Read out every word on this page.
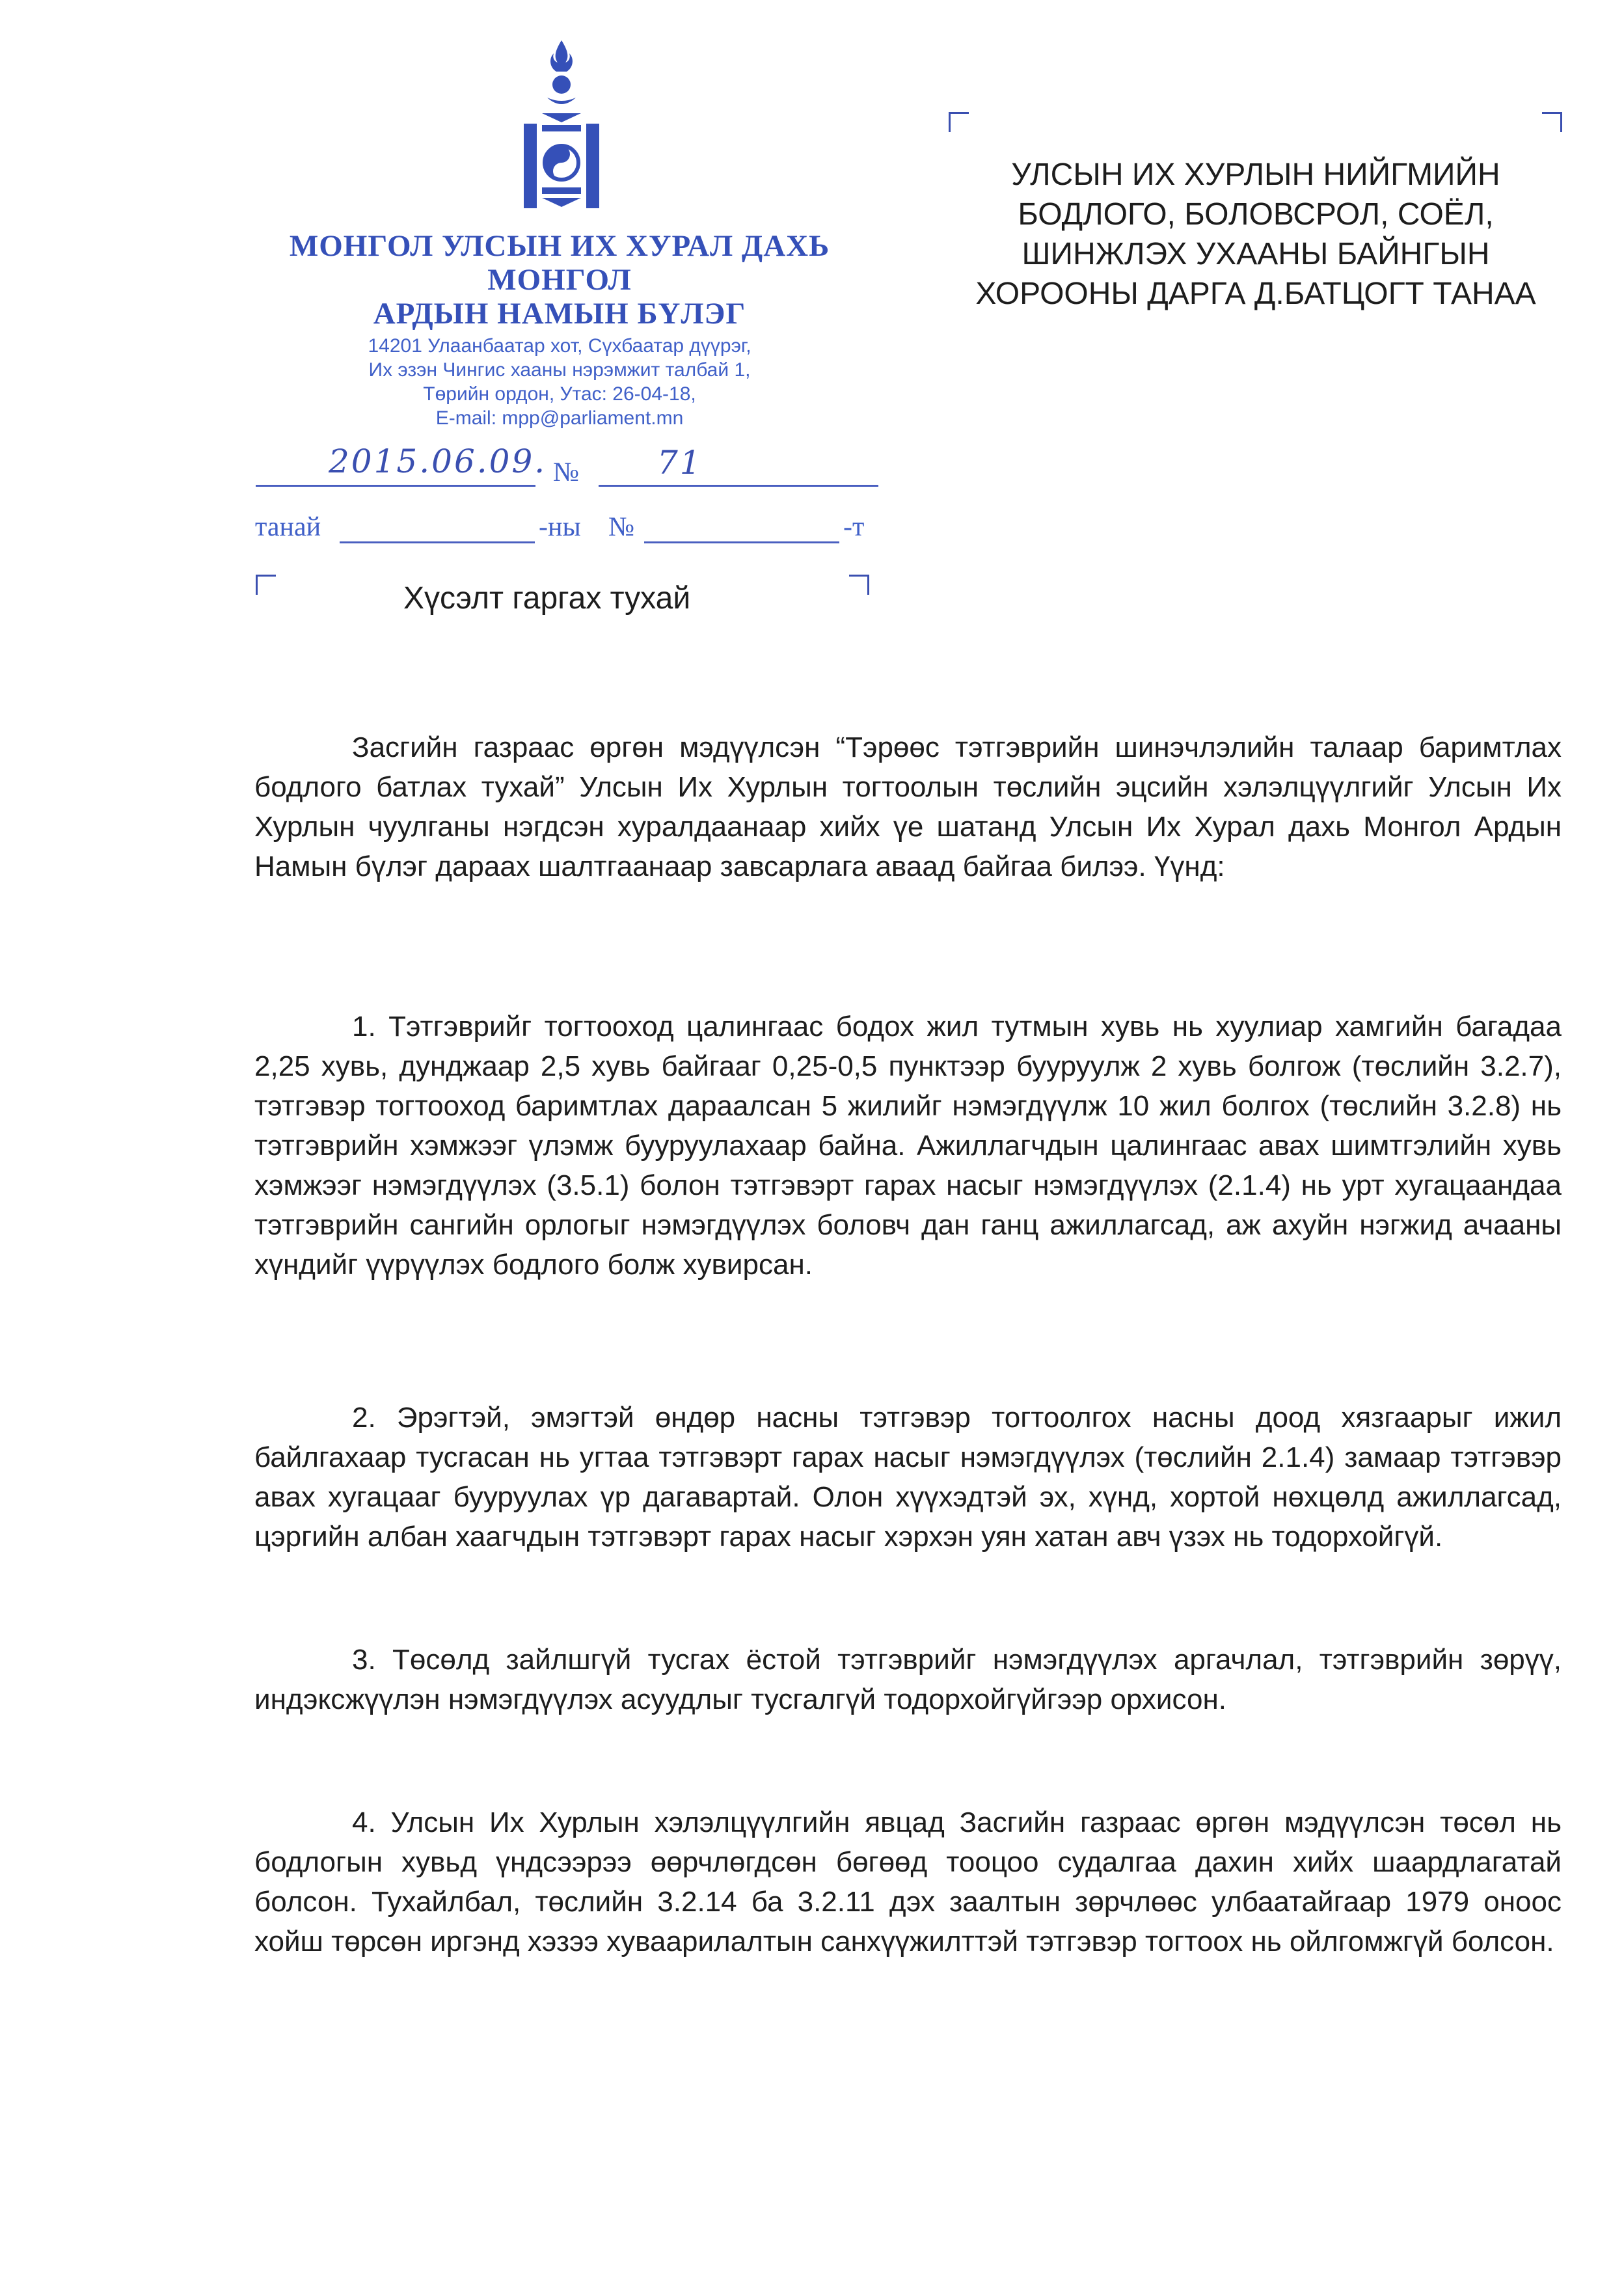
МОНГОЛ УЛСЫН ИХ ХУРАЛ ДАХЬ
МОНГОЛ
АРДЫН НАМЫН БҮЛЭГ
14201 Улаанбаатар хот, Сүхбаатар дүүрэг,
Их эзэн Чингис хааны нэрэмжит талбай 1,
Төрийн ордон, Утас: 26-04-18,
E-mail: mpp@parliament.mn
2015.06.09. № 71
танай	-ны №	-т
Хүсэлт гаргах тухай
УЛСЫН ИХ ХУРЛЫН НИЙГМИЙН
БОДЛОГО, БОЛОВСРОЛ, СОЁЛ,
ШИНЖЛЭХ УХААНЫ БАЙНГЫН
ХОРООНЫ ДАРГА Д.БАТЦОГТ ТАНАА

Засгийн газраас өргөн мэдүүлсэн “Тэрөөс тэтгэврийн шинэчлэлийн талаар баримтлах бодлого батлах тухай” Улсын Их Хурлын тогтоолын төслийн эцсийн хэлэлцүүлгийг Улсын Их Хурлын чуулганы нэгдсэн хуралдаанаар хийх үе шатанд Улсын Их Хурал дахь Монгол Ардын Намын бүлэг дараах шалтгаанаар завсарлага аваад байгаа билээ. Үүнд:

1. Тэтгэврийг тогтооход цалингаас бодох жил тутмын хувь нь хуулиар хамгийн багадаа 2,25 хувь, дунджаар 2,5 хувь байгааг 0,25-0,5 пунктээр бууруулж 2 хувь болгож (төслийн 3.2.7), тэтгэвэр тогтооход баримтлах дараалсан 5 жилийг нэмэгдүүлж 10 жил болгох (төслийн 3.2.8) нь тэтгэврийн хэмжээг үлэмж бууруулахаар байна. Ажиллагчдын цалингаас авах шимтгэлийн хувь хэмжээг нэмэгдүүлэх (3.5.1) болон тэтгэвэрт гарах насыг нэмэгдүүлэх (2.1.4) нь урт хугацаандаа тэтгэврийн сангийн орлогыг нэмэгдүүлэх боловч дан ганц ажиллагсад, аж ахуйн нэгжид ачааны хүндийг үүрүүлэх бодлого болж хувирсан.

2. Эрэгтэй, эмэгтэй өндөр насны тэтгэвэр тогтоолгох насны доод хязгаарыг ижил байлгахаар тусгасан нь угтаа тэтгэвэрт гарах насыг нэмэгдүүлэх (төслийн 2.1.4) замаар тэтгэвэр авах хугацааг бууруулах үр дагавартай. Олон хүүхэдтэй эх, хүнд, хортой нөхцөлд ажиллагсад, цэргийн албан хаагчдын тэтгэвэрт гарах насыг хэрхэн уян хатан авч үзэх нь тодорхойгүй.

3. Төсөлд зайлшгүй тусгах ёстой тэтгэврийг нэмэгдүүлэх аргачлал, тэтгэврийн зөрүү, индэксжүүлэн нэмэгдүүлэх асуудлыг тусгалгүй тодорхойгүйгээр орхисон.

4. Улсын Их Хурлын хэлэлцүүлгийн явцад Засгийн газраас өргөн мэдүүлсэн төсөл нь бодлогын хувьд үндсээрээ өөрчлөгдсөн бөгөөд тооцоо судалгаа дахин хийх шаардлагатай болсон. Тухайлбал, төслийн 3.2.14 ба 3.2.11 дэх заалтын зөрчлөөс улбаатайгаар 1979 оноос хойш төрсөн иргэнд хэзээ хуваарилалтын санхүүжилттэй тэтгэвэр тогтоох нь ойлгомжгүй болсон.
